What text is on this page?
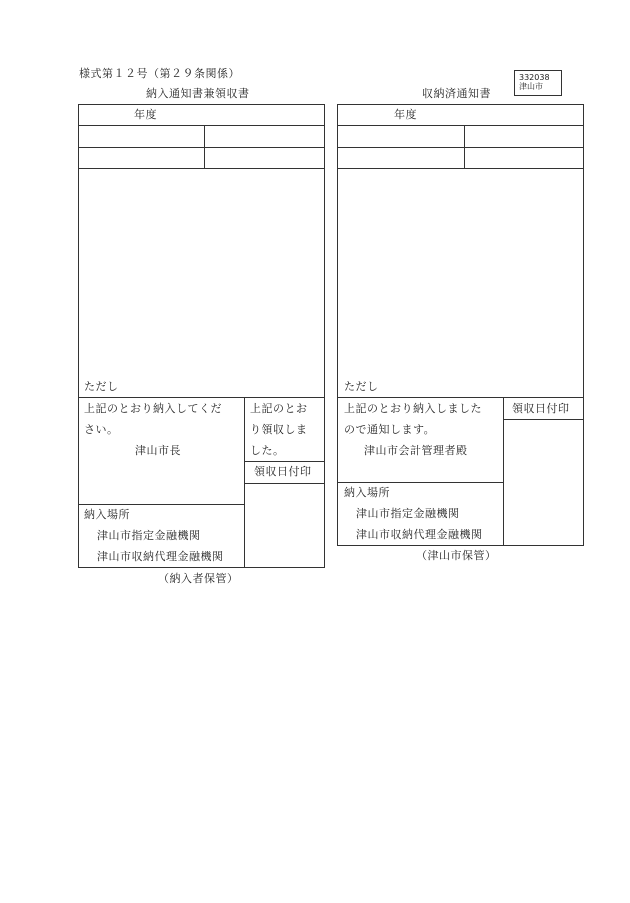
様式第１２号（第２９条関係）	332038
津山市
納入通知書兼領収書
年度
ただし
上記のとおり納入してくだ
さい。
津山市長
上記のとお
り領収しま
した。
領収日付印
納入場所
津山市指定金融機関
津山市収納代理金融機関
（納入者保管）
収納済通知書
年度
ただし
上記のとおり納入しました
ので通知します。
津山市会計管理者殿
領収日付印
納入場所
津山市指定金融機関
津山市収納代理金融機関
（津山市保管）
